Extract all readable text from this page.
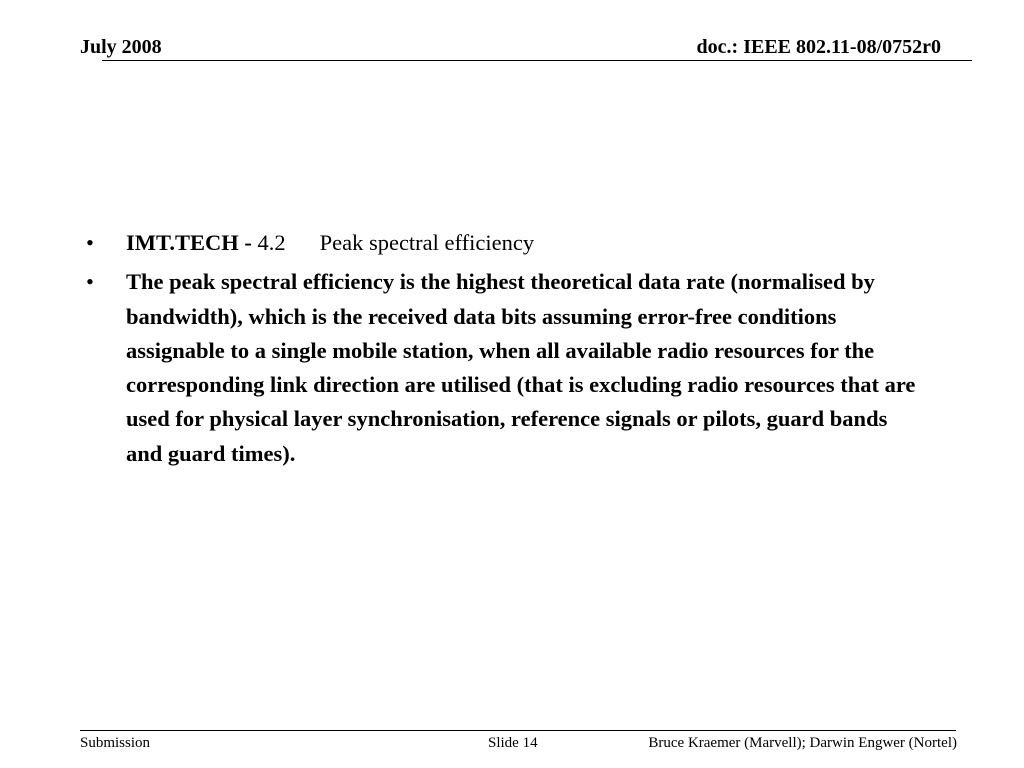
July 2008	doc.: IEEE 802.11-08/0752r0
•	IMT.TECH - 4.2 Peak spectral efficiency
•	The peak spectral efficiency is the highest theoretical data rate (normalised by bandwidth), which is the received data bits assuming error-free conditions assignable to a single mobile station, when all available radio resources for the corresponding link direction are utilised (that is excluding radio resources that are used for physical layer synchronisation, reference signals or pilots, guard bands and guard times).
Submission	Slide 14	Bruce Kraemer (Marvell); Darwin Engwer (Nortel)
